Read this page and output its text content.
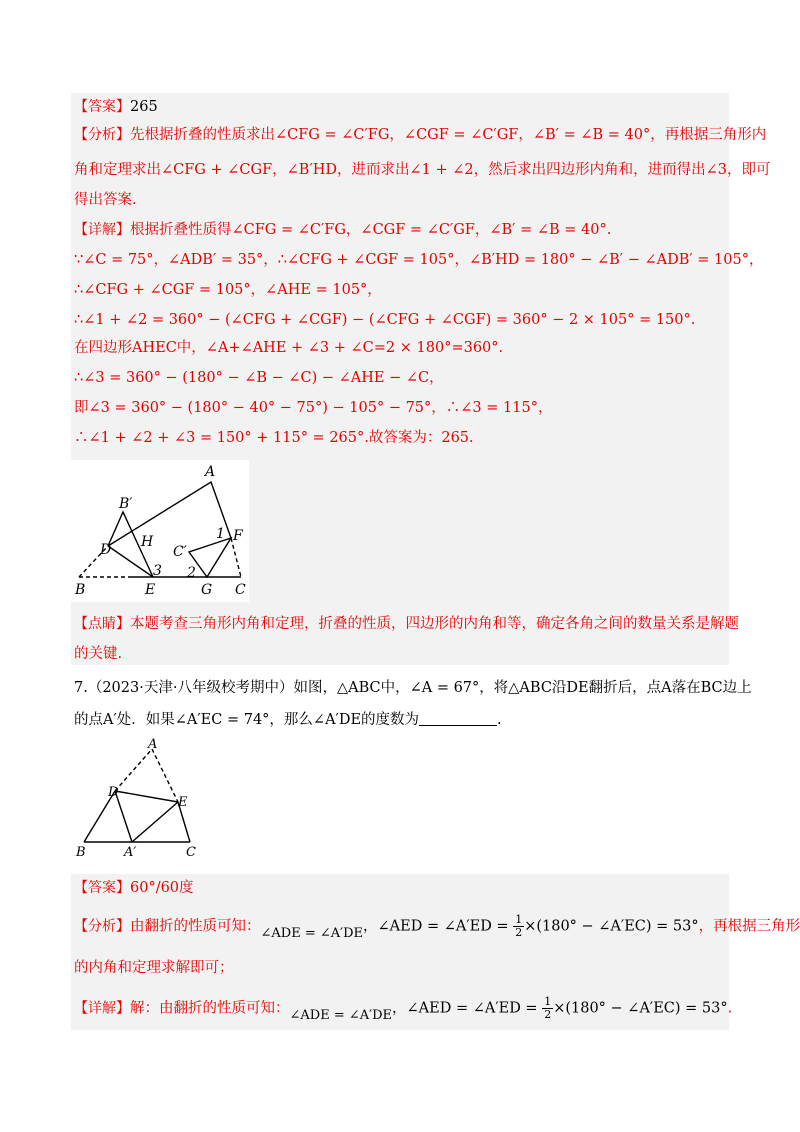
【答案】265
【分析】先根据折叠的性质求出∠CFG = ∠C′FG，∠CGF = ∠C′GF，∠B′ = ∠B = 40°，再根据三角形内
角和定理求出∠CFG + ∠CGF，∠B′HD，进而求出∠1 + ∠2，然后求出四边形内角和，进而得出∠3，即可
得出答案.
【详解】根据折叠性质得∠CFG = ∠C′FG，∠CGF = ∠C′GF，∠B′ = ∠B = 40°.
∵∠C = 75°，∠ADB′ = 35°，∴∠CFG + ∠CGF = 105°，∠B′HD = 180° − ∠B′ − ∠ADB′ = 105°，
∴∠CFG + ∠CGF = 105°，∠AHE = 105°，
∴∠1 + ∠2 = 360° − (∠CFG + ∠CGF) − (∠CFG + ∠CGF) = 360° − 2 × 105° = 150°.
在四边形AHEC中，∠A+∠AHE + ∠3 + ∠C=2 × 180°=360°.
∴∠3 = 360° − (180° − ∠B − ∠C) − ∠AHE − ∠C，
即∠3 = 360° − (180° − 40° − 75°) − 105° − 75°，∴∠3 = 115°，
∴∠1 + ∠2 + ∠3 = 150° + 115° = 265°.故答案为：265.
A
B′
H
D	C′
1 F
3 2
B	E	G C
【点睛】本题考查三角形内角和定理，折叠的性质，四边形的内角和等，确定各角之间的数量关系是解题
的关键.
7.（2023·天津·八年级校考期中）如图，△ABC中，∠A = 67°，将△ABC沿DE翻折后，点A落在BC边上
的点A′处．如果∠A′EC = 74°，那么∠A′DE的度数为	.
A
D
E
B	A′	C
【答案】60°/60度
【分析】由翻折的性质可知：∠ADE = ∠A′DE，∠AED = ∠A′ED = $\frac{1}{2} \times(180^\circ$ − ∠A′EC) = 53°，再根据三角形
的内角和定理求解即可；
【详解】解：由翻折的性质可知：∠ADE = ∠A′DE，∠AED = ∠A′ED = $\frac{1}{2} \times(180^\circ$ − ∠A′EC) = 53°.
